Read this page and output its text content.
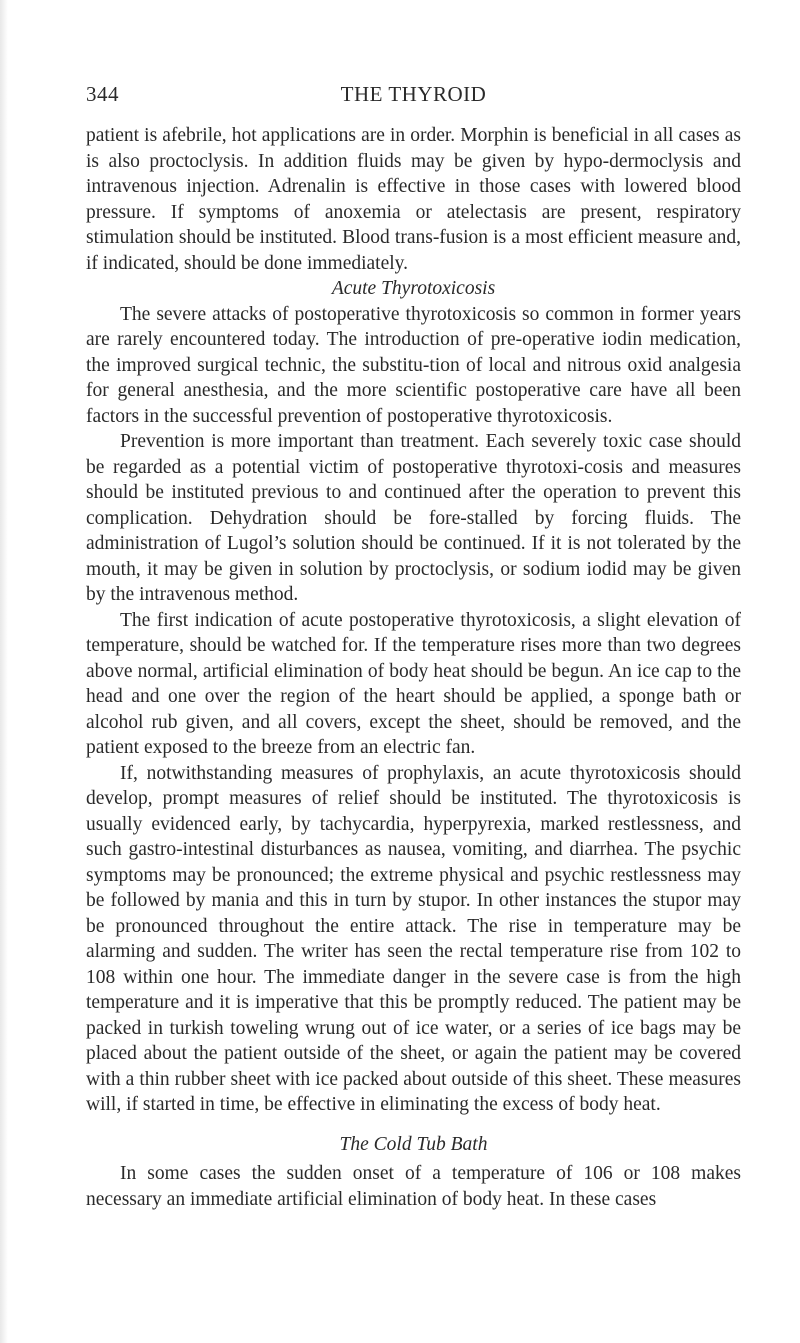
344	THE THYROID

patient is afebrile, hot applications are in order. Morphin is beneficial in all cases as is also proctoclysis. In addition fluids may be given by hypo-dermoclysis and intravenous injection. Adrenalin is effective in those cases with lowered blood pressure. If symptoms of anoxemia or atelectasis are present, respiratory stimulation should be instituted. Blood trans-fusion is a most efficient measure and, if indicated, should be done immediately.

Acute Thyrotoxicosis

The severe attacks of postoperative thyrotoxicosis so common in former years are rarely encountered today. The introduction of pre-operative iodin medication, the improved surgical technic, the substitu-tion of local and nitrous oxid analgesia for general anesthesia, and the more scientific postoperative care have all been factors in the successful prevention of postoperative thyrotoxicosis.

Prevention is more important than treatment. Each severely toxic case should be regarded as a potential victim of postoperative thyrotoxi-cosis and measures should be instituted previous to and continued after the operation to prevent this complication. Dehydration should be fore-stalled by forcing fluids. The administration of Lugol’s solution should be continued. If it is not tolerated by the mouth, it may be given in solution by proctoclysis, or sodium iodid may be given by the intravenous method.

The first indication of acute postoperative thyrotoxicosis, a slight elevation of temperature, should be watched for. If the temperature rises more than two degrees above normal, artificial elimination of body heat should be begun. An ice cap to the head and one over the region of the heart should be applied, a sponge bath or alcohol rub given, and all covers, except the sheet, should be removed, and the patient exposed to the breeze from an electric fan.

If, notwithstanding measures of prophylaxis, an acute thyrotoxicosis should develop, prompt measures of relief should be instituted. The thyrotoxicosis is usually evidenced early, by tachycardia, hyperpyrexia, marked restlessness, and such gastro-intestinal disturbances as nausea, vomiting, and diarrhea. The psychic symptoms may be pronounced; the extreme physical and psychic restlessness may be followed by mania and this in turn by stupor. In other instances the stupor may be pronounced throughout the entire attack. The rise in temperature may be alarming and sudden. The writer has seen the rectal temperature rise from 102 to 108 within one hour. The immediate danger in the severe case is from the high temperature and it is imperative that this be promptly reduced. The patient may be packed in turkish toweling wrung out of ice water, or a series of ice bags may be placed about the patient outside of the sheet, or again the patient may be covered with a thin rubber sheet with ice packed about outside of this sheet. These measures will, if started in time, be effective in eliminating the excess of body heat.

The Cold Tub Bath

In some cases the sudden onset of a temperature of 106 or 108 makes necessary an immediate artificial elimination of body heat. In these cases
